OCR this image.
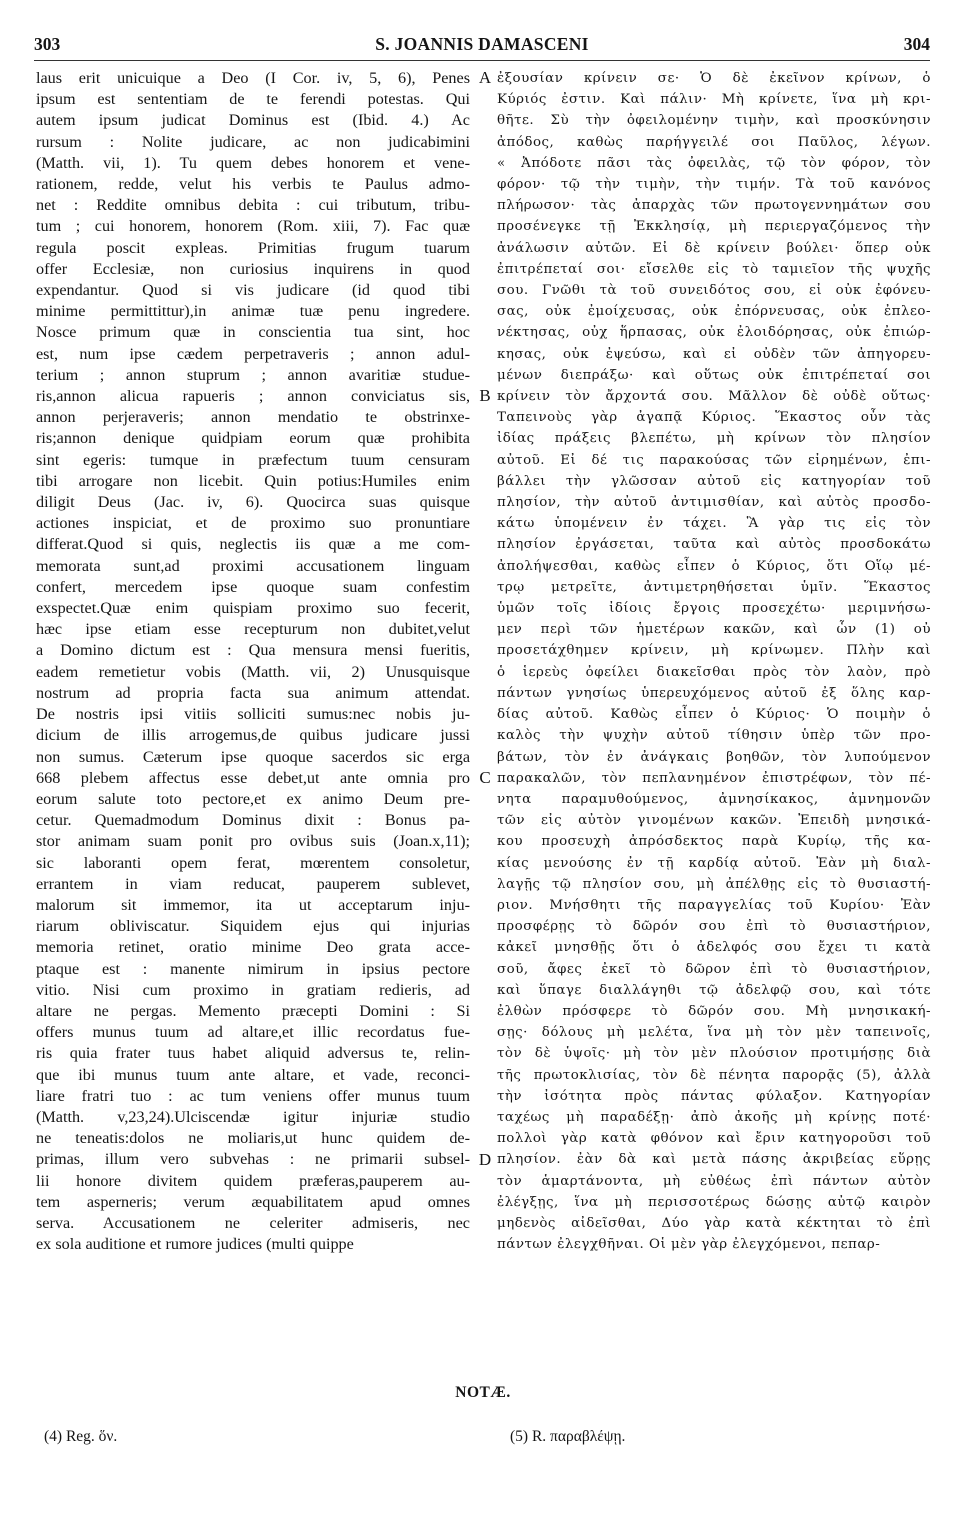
303	S. JOANNIS DAMASCENI	304
laus erit unicuique a Deo (I Cor. iv, 5, 6), Penes
ipsum est sententiam de te ferendi potestas. Qui
autem ipsum judicat Dominus est (Ibid. 4.) Ac
rursum : Nolite judicare, ac non judicabimini
(Matth. vii, 1). Tu quem debes honorem et vene-
rationem, redde, velut his verbis te Paulus admo-
net : Reddite omnibus debita : cui tributum, tribu-
tum ; cui honorem, honorem (Rom. xiii, 7). Fac quæ
regula poscit expleas. Primitias frugum tuarum
offer Ecclesiæ, non curiosius inquirens in quod
expendantur. Quod si vis judicare (id quod tibi
minime permittittur),in animæ tuæ penu ingredere.
Nosce primum quæ in conscientia tua sint, hoc
est, num ipse cædem perpetraveris ; annon adul-
terium ; annon stuprum ; annon avaritiæ studue-
ris,annon alicua rapueris ; annon conviciatus sis,
annon perjeraveris; annon mendatio te obstrinxe-
ris;annon denique quidpiam eorum quæ prohibita
sint egeris: tumque in præfectum tuum censuram
tibi arrogare non licebit. Quin potius:Humiles enim
diligit Deus (Jac. iv, 6). Quocirca suas quisque
actiones inspiciat, et de proximo suo pronuntiare
differat.Quod si quis, neglectis iis quæ a me com-
memorata sunt,ad proximi accusationem linguam
confert, mercedem ipse quoque suam confestim
exspectet.Quæ enim quispiam proximo suo fecerit,
hæc ipse etiam esse recepturum non dubitet,velut
a Domino dictum est : Qua mensura mensi fueritis,
eadem remetietur vobis (Matth. vii, 2) Unusquisque
nostrum ad propria facta sua animum attendat.
De nostris ipsi vitiis solliciti sumus:nec nobis ju-
dicium de illis arrogemus,de quibus judicare jussi
non sumus. Cæterum ipse quoque sacerdos sic erga
668 plebem affectus esse debet,ut ante omnia pro
eorum salute toto pectore,et ex animo Deum pre-
cetur. Quemadmodum Dominus dixit : Bonus pa-
stor animam suam ponit pro ovibus suis (Joan.x,11);
sic laboranti opem ferat, mœrentem consoletur,
errantem in viam reducat, pauperem sublevet,
malorum sit immemor, ita ut acceptarum inju-
riarum obliviscatur. Siquidem ejus qui injurias
memoria retinet, oratio minime Deo grata acce-
ptaque est : manente nimirum in ipsius pectore
vitio. Nisi cum proximo in gratiam redieris, ad
altare ne pergas. Memento præcepti Domini : Si
offers munus tuum ad altare,et illic recordatus fue-
ris quia frater tuus habet aliquid adversus te, relin-
que ibi munus tuum ante altare, et vade, reconci-
liare fratri tuo : ac tum veniens offer munus tuum
(Matth. v,23,24).Ulciscendæ igitur injuriæ studio
ne teneatis:dolos ne moliaris,ut hunc quidem de-
primas, illum vero subvehas : ne primarii subsel-
lii honore divitem quidem præferas,pauperem au-
tem asperneris; verum æquabilitatem apud omnes
serva. Accusationem ne celeriter admiseris, nec
ex sola auditione et rumore judices (multi quippe
ἐξουσίαν κρίνειν σε· Ὁ δὲ ἐκεῖνον κρίνων, ὁ
Κύριός ἐστιν. Καὶ πάλιν· Μὴ κρίνετε, ἵνα μὴ κρι-
θῆτε. Σὺ τὴν ὀφειλομένην τιμὴν, καὶ προσκύνησιν
ἀπόδος, καθὼς παρήγγειλέ σοι Παῦλος, λέγων.
« Ἀπόδοτε πᾶσι τὰς ὀφειλὰς, τῷ τὸν φόρον, τὸν
φόρον· τῷ τὴν τιμὴν, τὴν τιμήν. Τὰ τοῦ κανόνος
πλήρωσον· τὰς ἀπαρχὰς τῶν πρωτογεννημάτων σου
προσένεγκε τῇ Ἐκκλησίᾳ, μὴ περιεργαζόμενος τὴν
ἀνάλωσιν αὐτῶν. Εἰ δὲ κρίνειν βούλει· ὅπερ οὐκ
ἐπιτρέπεταί σοι· εἴσελθε εἰς τὸ ταμιεῖον τῆς ψυχῆς
σου. Γνῶθι τὰ τοῦ συνειδότος σου, εἰ οὐκ ἐφόνευ-
σας, οὐκ ἐμοίχευσας, οὐκ ἐπόρνευσας, οὐκ ἐπλεο-
νέκτησας, οὐχ ἥρπασας, οὐκ ἐλοιδόρησας, οὐκ ἐπιώρ-
κησας, οὐκ ἐψεύσω, καὶ εἰ οὐδὲν τῶν ἀπηγορευ-
μένων διεπράξω· καὶ οὕτως οὐκ ἐπιτρέπεταί σοι
κρίνειν τὸν ἄρχοντά σου. Μᾶλλον δὲ οὐδὲ οὕτως·
Ταπεινοὺς γὰρ ἀγαπᾷ Κύριος. Ἕκαστος οὖν τὰς
ἰδίας πράξεις βλεπέτω, μὴ κρίνων τὸν πλησίον
αὐτοῦ. Εἰ δέ τις παρακούσας τῶν εἰρημένων, ἐπι-
βάλλει τὴν γλῶσσαν αὐτοῦ εἰς κατηγορίαν τοῦ
πλησίον, τὴν αὐτοῦ ἀντιμισθίαν, καὶ αὐτὸς προσδο-
κάτω ὑπομένειν ἐν τάχει. Ἃ γὰρ τις εἰς τὸν
πλησίον ἐργάσεται, ταῦτα καὶ αὐτὸς προσδοκάτω
ἀπολήψεσθαι, καθὼς εἶπεν ὁ Κύριος, ὅτι Οἵῳ μέ-
τρῳ μετρεῖτε, ἀντιμετρηθήσεται ὑμῖν. Ἕκαστος
ὑμῶν τοῖς ἰδίοις ἔργοις προσεχέτω· μεριμνήσω-
μεν περὶ τῶν ἡμετέρων κακῶν, καὶ ὧν (1) οὐ
προσετάχθημεν κρίνειν, μὴ κρίνωμεν. Πλὴν καὶ
ὁ ἱερεὺς ὀφείλει διακεῖσθαι πρὸς τὸν λαὸν, πρὸ
πάντων γνησίως ὑπερευχόμενος αὐτοῦ ἐξ ὅλης καρ-
δίας αὐτοῦ. Καθὼς εἶπεν ὁ Κύριος· Ὁ ποιμὴν ὁ
καλὸς τὴν ψυχὴν αὐτοῦ τίθησιν ὑπὲρ τῶν προ-
βάτων, τὸν ἐν ἀνάγκαις βοηθῶν, τὸν λυπούμενον
παρακαλῶν, τὸν πεπλανημένον ἐπιστρέφων, τὸν πέ-
νητα παραμυθούμενος, ἀμνησίκακος, ἀμνημονῶν
τῶν εἰς αὐτὸν γινομένων κακῶν. Ἐπειδὴ μνησικά-
κου προσευχὴ ἀπρόσδεκτος παρὰ Κυρίῳ, τῆς κα-
κίας μενούσης ἐν τῇ καρδίᾳ αὐτοῦ. Ἐὰν μὴ διαλ-
λαγῇς τῷ πλησίον σου, μὴ ἀπέλθῃς εἰς τὸ θυσιαστή-
ριον. Μνήσθητι τῆς παραγγελίας τοῦ Κυρίου· Ἐὰν
προσφέρῃς τὸ δῶρόν σου ἐπὶ τὸ θυσιαστήριον,
κἀκεῖ μνησθῇς ὅτι ὁ ἀδελφός σου ἔχει τι κατὰ
σοῦ, ἄφες ἐκεῖ τὸ δῶρον ἐπὶ τὸ θυσιαστήριον,
καὶ ὕπαγε διαλλάγηθι τῷ ἀδελφῷ σου, καὶ τότε
ἐλθὼν πρόσφερε τὸ δῶρόν σου. Μὴ μνησικακή-
σῃς· δόλους μὴ μελέτα, ἵνα μὴ τὸν μὲν ταπεινοῖς,
τὸν δὲ ὑψοῖς· μὴ τὸν μὲν πλούσιον προτιμήσῃς διὰ
τῆς πρωτοκλισίας, τὸν δὲ πένητα παρορᾷς (5), ἀλλὰ
τὴν ἰσότητα πρὸς πάντας φύλαξον. Κατηγορίαν
ταχέως μὴ παραδέξῃ· ἀπὸ ἀκοῆς μὴ κρίνῃς ποτέ·
πολλοὶ γὰρ κατὰ φθόνον καὶ ἔριν κατηγοροῦσι τοῦ
πλησίον. ἐὰν δὰ καὶ μετὰ πάσης ἀκριβείας εὕρῃς
τὸν ἁμαρτάνοντα, μὴ εὐθέως ἐπὶ πάντων αὐτὸν
ἐλέγξῃς, ἵνα μὴ περισσοτέρως δώσῃς αὐτῷ καιρὸν
μηδενὸς αἰδεῖσθαι, Δύο γὰρ κατὰ κέκτηται τὸ ἐπὶ
πάντων ἐλεγχθῆναι. Οἱ μὲν γὰρ ἐλεγχόμενοι, πεπαρ-
A
B
C
D
NOTÆ.
(4) Reg. ὅν.	(5) R. παραβλέψῃ.
